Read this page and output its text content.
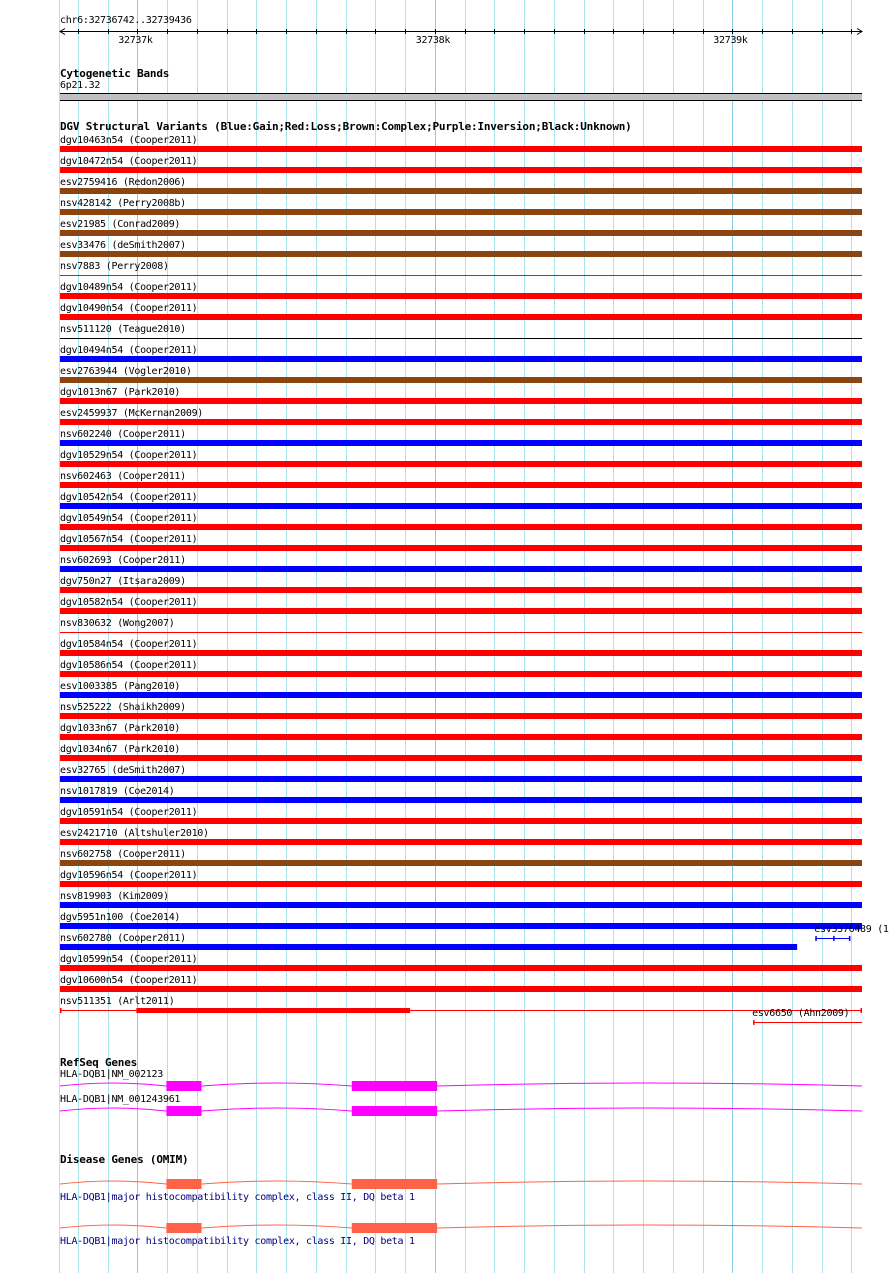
chr6:32736742..32739436
32737k	32738k	32739k
Cytogenetic Bands
6p21.32
DGV Structural Variants (Blue:Gain;Red:Loss;Brown:Complex;Purple:Inversion;Black:Unknown)
dgv10463n54 (Cooper2011)
dgv10472n54 (Cooper2011)
esv2759416 (Redon2006)
nsv428142 (Perry2008b)
esv21985 (Conrad2009)
esv33476 (deSmith2007)
nsv7883 (Perry2008)
dgv10489n54 (Cooper2011)
dgv10490n54 (Cooper2011)
nsv511120 (Teague2010)
dgv10494n54 (Cooper2011)
esv2763944 (Vogler2010)
dgv1013n67 (Park2010)
esv2459937 (McKernan2009)
nsv602240 (Cooper2011)
dgv10529n54 (Cooper2011)
nsv602463 (Cooper2011)
dgv10542n54 (Cooper2011)
dgv10549n54 (Cooper2011)
dgv10567n54 (Cooper2011)
nsv602693 (Cooper2011)
dgv750n27 (Itsara2009)
dgv10582n54 (Cooper2011)
nsv830632 (Wong2007)
dgv10584n54 (Cooper2011)
dgv10586n54 (Cooper2011)
esv1003385 (Pang2010)
nsv525222 (Shaikh2009)
dgv1033n67 (Park2010)
dgv1034n67 (Park2010)
esv32765 (deSmith2007)
nsv1017819 (Coe2014)
dgv10591n54 (Cooper2011)
esv2421710 (Altshuler2010)
nsv602758 (Cooper2011)
dgv10596n54 (Cooper2011)
nsv819903 (Kim2009)
dgv5951n100 (Coe2014)
nsv602780 (Cooper2011)
dgv10599n54 (Cooper2011)
dgv10600n54 (Cooper2011)
nsv511351 (Arlt2011)
esv3376489 (1
esv6650 (Ahn2009)
RefSeq Genes
HLA-DQB1|NM_002123
HLA-DQB1|NM_001243961
Disease Genes (OMIM)
HLA-DQB1|major histocompatibility complex, class II, DQ beta 1
HLA-DQB1|major histocompatibility complex, class II, DQ beta 1
